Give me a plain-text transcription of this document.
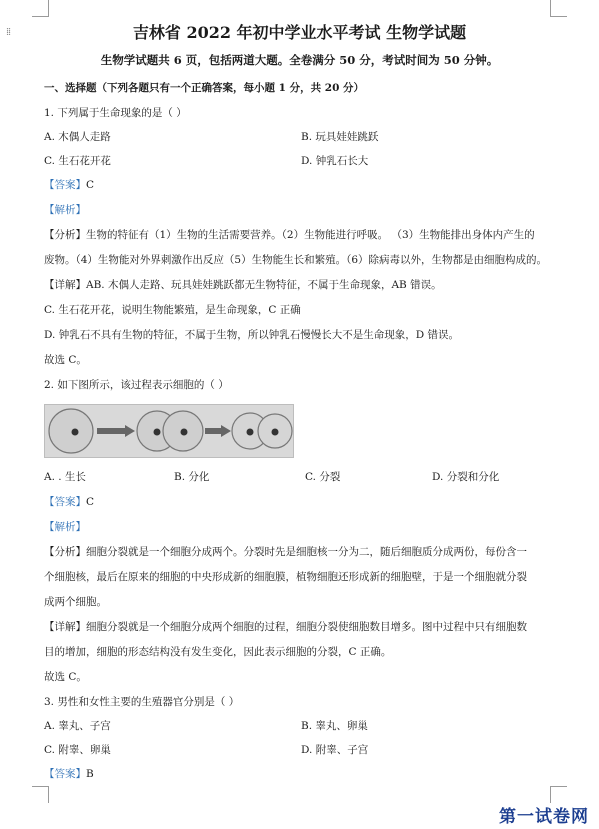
⁞⁞	吉林省 2022 年初中学业水平考试 生物学试题
生物学试题共 6 页，包括两道大题。全卷满分 50 分，考试时间为 50 分钟。
一、选择题（下列各题只有一个正确答案，每小题 1 分，共 20 分）
1. 下列属于生命现象的是（ ）
A. 木偶人走路	B. 玩具娃娃跳跃
C. 生石花开花	D. 钟乳石长大
【答案】C
【解析】
【分析】生物的特征有（1）生物的生活需要营养。（2）生物能进行呼吸。 （3）生物能排出身体内产生的
废物。（4）生物能对外界刺激作出反应（5）生物能生长和繁殖。（6）除病毒以外，生物都是由细胞构成的。
【详解】AB. 木偶人走路、玩具娃娃跳跃都无生物特征，不属于生命现象，AB 错误。
C. 生石花开花，说明生物能繁殖，是生命现象，C 正确
D. 钟乳石不具有生物的特征，不属于生物，所以钟乳石慢慢长大不是生命现象，D 错误。
故选 C。
2. 如下图所示，该过程表示细胞的（ ）
A. . 生长	B. 分化	C. 分裂	D. 分裂和分化
【答案】C
【解析】
【分析】细胞分裂就是一个细胞分成两个。分裂时先是细胞核一分为二，随后细胞质分成两份，每份含一
个细胞核，最后在原来的细胞的中央形成新的细胞膜，植物细胞还形成新的细胞壁，于是一个细胞就分裂
成两个细胞。
【详解】细胞分裂就是一个细胞分成两个细胞的过程，细胞分裂使细胞数目增多。图中过程中只有细胞数
目的增加，细胞的形态结构没有发生变化，因此表示细胞的分裂，C 正确。
故选 C。
3. 男性和女性主要的生殖器官分别是（ ）
A. 睾丸、子宫	B. 睾丸、卵巢
C. 附睾、卵巢	D. 附睾、子宫
【答案】B
第一试卷网
